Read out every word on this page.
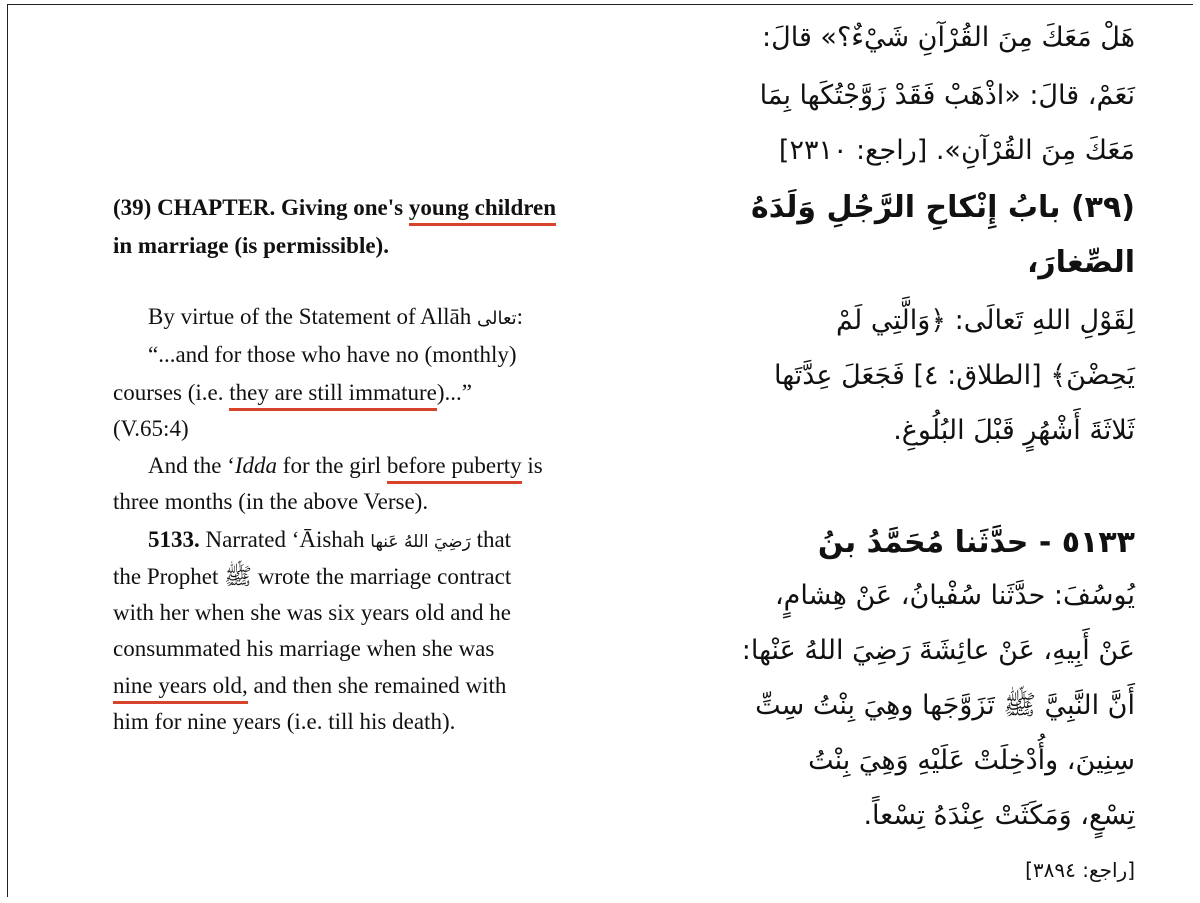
(39) CHAPTER. Giving one's young children
in marriage (is permissible).
By virtue of the Statement of Allāh تعالى:
“...and for those who have no (monthly)
courses (i.e. they are still immature)...”
(V.65:4)
And the ‘Idda for the girl before puberty is
three months (in the above Verse).
5133. Narrated ‘Āishah رَضِيَ اللهُ عَنها that
the Prophet ﷺ wrote the marriage contract
with her when she was six years old and he
consummated his marriage when she was
nine years old, and then she remained with
him for nine years (i.e. till his death).
هَلْ مَعَكَ مِنَ القُرْآنِ شَيْءٌ؟» قالَ:
نَعَمْ، قالَ: «اذْهَبْ فَقَدْ زَوَّجْتُكَها بِمَا
مَعَكَ مِنَ القُرْآنِ». [راجع: ٢٣١٠]
(٣٩) بابُ إِنْكاحِ الرَّجُلِ وَلَدَهُ
الصِّغارَ،
لِقَوْلِ اللهِ تَعالَى: ﴿وَالَّتِي لَمْ
يَحِضْنَ﴾ [الطلاق: ٤] فَجَعَلَ عِدَّتَها
ثَلاثَةَ أَشْهُرٍ قَبْلَ البُلُوغِ.
٥١٣٣ - حدَّثَنا مُحَمَّدُ بنُ
يُوسُفَ: حدَّثَنا سُفْيانُ، عَنْ هِشامٍ،
عَنْ أَبِيهِ، عَنْ عائِشَةَ رَضِيَ اللهُ عَنْها:
أَنَّ النَّبِيَّ ﷺ تَزَوَّجَها وهِيَ بِنْتُ سِتِّ
سِنِينَ، وأُدْخِلَتْ عَلَيْهِ وَهِيَ بِنْتُ
تِسْعٍ، وَمَكَثَتْ عِنْدَهُ تِسْعاً.
[راجع: ٣٨٩٤]
